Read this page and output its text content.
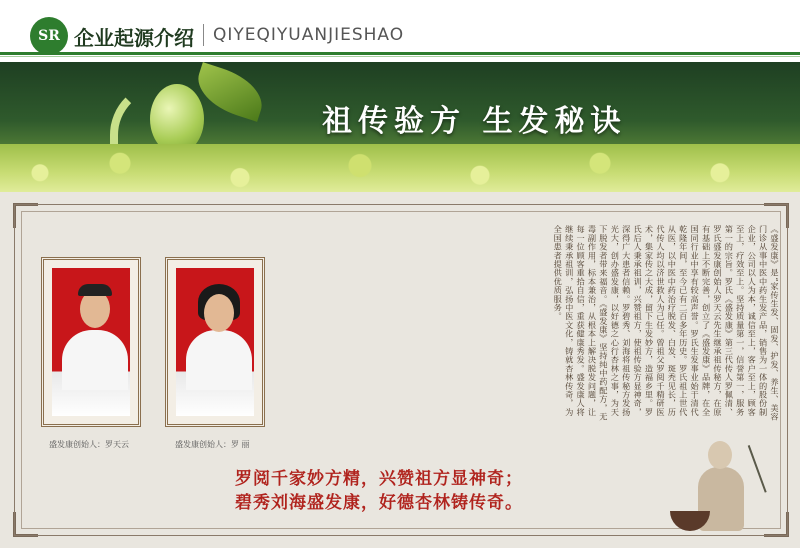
SR 企业起源介绍 QIYEQIYUANJIESHAO
祖传验方 生发秘诀
盛发康创始人：罗天云	盛发康创始人：罗 丽
《盛发康》是“家传生发、固发、护发、养生、美容门诊从事中医中药生发产品，销售为一体的股份制企业，公司以人为本，诚信至上，客户至上，顾客至上，疗效至上。坚持质量第一，信誉第一，服务第一的宗旨。罗氏《盛发康》第三代传人罗佩清、罗氏盛发康创始人罗天云先生继承祖传秘方，在原有基础上不断完善，创立了《盛发康》品牌，在全国同行业中享有较高声誉。罗氏生发事业始于清代乾隆年间，至今已有二百多年历史。罗氏祖上世代从医，以中医中药治疗脱发、白发、斑秃见长，历代传人均以济世救人为己任。曾祖父罗阅千精研医术，集家传之大成，留下生发妙方，造福乡里。罗氏后人秉承祖训，兴赞祖方，使祖传验方显神奇，深得广大患者信赖。罗碧秀、刘海将祖传秘方发扬光大，创办盛发康，以好德之心行杏林之事，为天下脱发者带来福音。《盛发康》坚持纯中药配方，无毒副作用，标本兼治，从根本上解决脱发问题，让每一位顾客重拾自信，重获健康秀发。盛发康人将继续秉承祖训，弘扬中医文化，铸就杏林传奇，为全国患者提供优质服务。
罗阅千家妙方精，兴赞祖方显神奇；
碧秀刘海盛发康，好德杏林铸传奇。
